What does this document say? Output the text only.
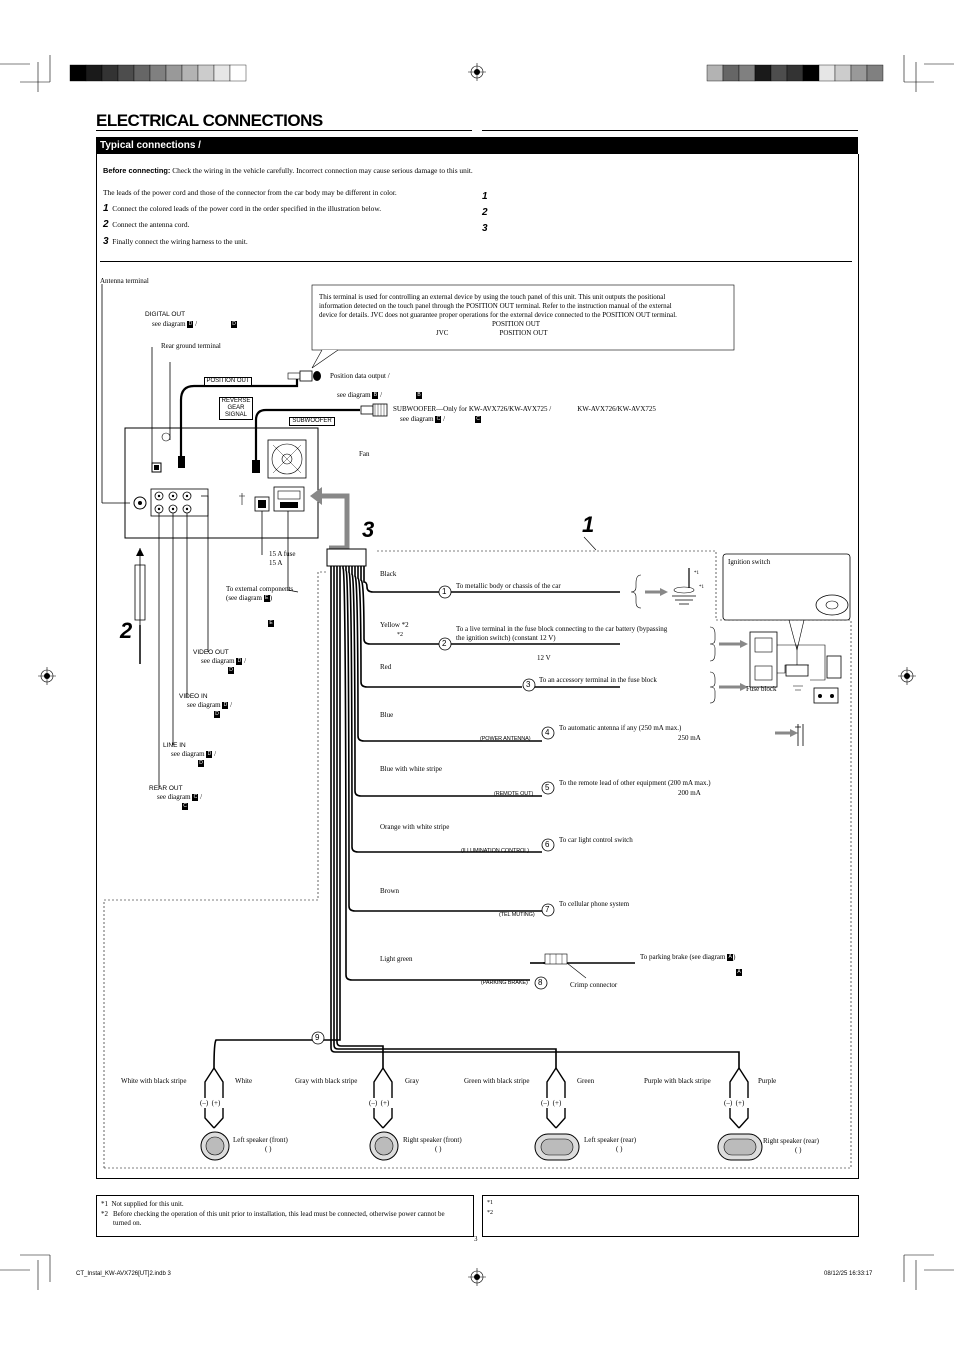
ELECTRICAL CONNECTIONS
Typical connections /
Before connecting: Check the wiring in the vehicle carefully. Incorrect connection may cause serious damage to this unit.
The leads of the power cord and those of the connector from the car body may be different in color.
1 Connect the colored leads of the power cord in the order specified in the illustration below.
2 Connect the antenna cord.
3 Finally connect the wiring harness to the unit.
1
2
3
This terminal is used for controlling an external device by using the touch panel of this unit. This unit outputs the positional
information detected on the touch panel through the POSITION OUT terminal. Refer to the instruction manual of the external
device for details. JVC does not guarantee proper operations for the external device connected to the POSITION OUT terminal.
POSITION OUT
JVC	POSITION OUT
Antenna terminal
DIGITAL OUT
see diagram D /	D
Rear ground terminal
POSITION OUT
Position data output /
REVERSE
GEAR
SIGNAL
see diagram B /	B
SUBWOOFER
SUBWOOFER—Only for KW-AVX726/KW-AVX725 /	KW-AVX726/KW-AVX725
see diagram C /	C
Fan
15 A fuse
15 A
To external components
(see diagram E)
E
VIDEO OUT
see diagram D /
D
VIDEO IN
see diagram D /
D
LINE IN
see diagram D /
D
REAR OUT
see diagram C /
C
1
2
3
Black
Yellow *2
*2
Red
Blue
Blue with white stripe
Orange with white stripe
Brown
Light green
1
2
3
4
5
6
7
8
9
To metallic body or chassis of the car
To a live terminal in the fuse block connecting to the car battery (bypassing
the ignition switch) (constant 12 V)
12 V
To an accessory terminal in the fuse block
To automatic antenna if any (250 mA max.)
250 mA
To the remote lead of other equipment (200 mA max.)
200 mA
To car light control switch
To cellular phone system
To parking brake (see diagram A)
A
(POWER ANTENNA)
(REMOTE OUT)
(ILLUMINATION CONTROL)
(TEL MUTING)
(PARKING BRAKE)	Crimp connector
Ignition switch
Fuse block
*1
*1
White with black stripe	White	Gray with black stripe	Gray	Green with black stripe	Green	Purple with black stripe	Purple
(–) (+)	(–) (+)	(–) (+)	(–) (+)
Left speaker (front)
( )
Right speaker (front)
( )
Left speaker (rear)
( )
Right speaker (rear)
( )
*1 Not supplied for this unit.
*2 Before checking the operation of this unit prior to installation, this lead must be connected, otherwise power cannot be turned on.
*1
*2
3
CT_Instal_KW-AVX726[UT]2.indb 3	08/12/25 16:33:17
